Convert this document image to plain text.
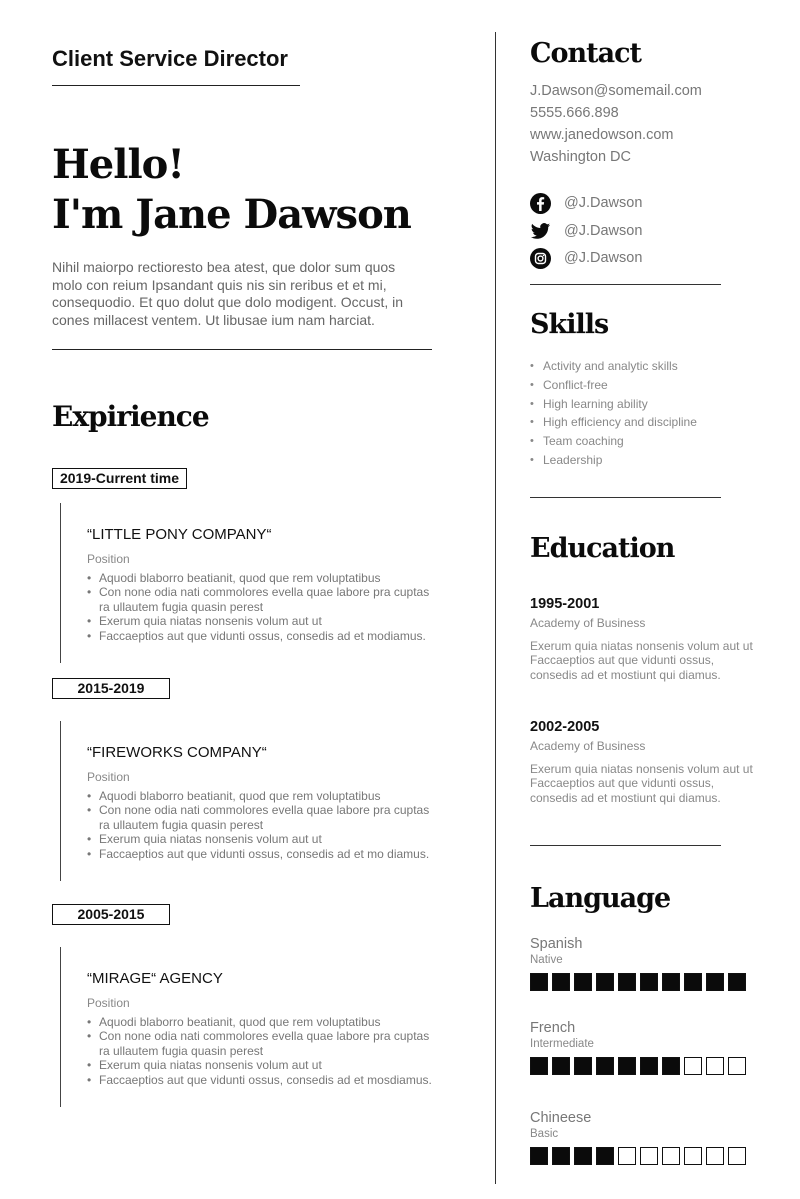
Client Service Director
Hello!
I'm Jane Dawson

Nihil maiorpo rectioresto bea atest, que dolor sum quos molo con reium Ipsandant quis nis sin reribus et et mi, consequodio. Et quo dolut que dolo modigent. Occust, in cones millacest ventem. Ut libusae ium nam harciat.

Expirience
2019-Current time
“LITTLE PONY COMPANY“
Position
• Aquodi blaborro beatianit, quod que rem voluptatibus
• Con none odia nati commolores evella quae labore pra cuptas ra ullautem fugia quasin perest
• Exerum quia niatas nonsenis volum aut ut
• Faccaeptios aut que vidunti ossus, consedis ad et modiamus.
2015-2019
“FIREWORKS COMPANY“
Position
• Aquodi blaborro beatianit, quod que rem voluptatibus
• Con none odia nati commolores evella quae labore pra cuptas ra ullautem fugia quasin perest
• Exerum quia niatas nonsenis volum aut ut
• Faccaeptios aut que vidunti ossus, consedis ad et mo diamus.
2005-2015
“MIRAGE“ AGENCY
Position
• Aquodi blaborro beatianit, quod que rem voluptatibus
• Con none odia nati commolores evella quae labore pra cuptas ra ullautem fugia quasin perest
• Exerum quia niatas nonsenis volum aut ut
• Faccaeptios aut que vidunti ossus, consedis ad et mosdiamus.
Contact
J.Dawson@somemail.com
5555.666.898
www.janedowson.com
Washington DC
@J.Dawson
@J.Dawson
@J.Dawson
Skills
• Activity and analytic skills
• Conflict-free
• High learning ability
• High efficiency and discipline
• Team coaching
• Leadership
Education
1995-2001
Academy of Business
Exerum quia niatas nonsenis volum aut ut Faccaeptios aut que vidunti ossus, consedis ad et mostiunt qui diamus.
2002-2005
Academy of Business
Exerum quia niatas nonsenis volum aut ut Faccaeptios aut que vidunti ossus, consedis ad et mostiunt qui diamus.
Language
Spanish
Native
French
Intermediate
Chineese
Basic
